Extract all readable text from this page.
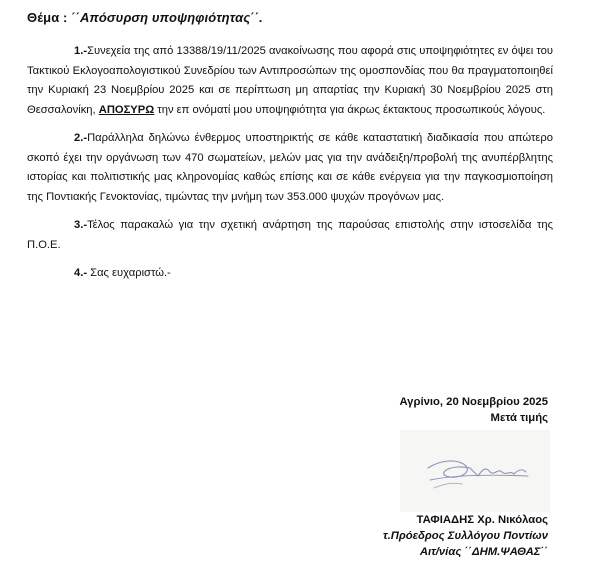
Θέμα : ΄΄Απόσυρση υποψηφιότητας΄΄.

1.-Συνεχεία της από 13388/19/11/2025 ανακοίνωσης που αφορά στις υποψηφιότητες εν όψει του Τακτικού Εκλογοαπολογιστικού Συνεδρίου των Αντιπροσώπων της ομοσπονδίας που θα πραγματοποιηθεί την Κυριακή 23 Νοεμβρίου 2025 και σε περίπτωση μη απαρτίας την Κυριακή 30 Νοεμβρίου 2025 στη Θεσσαλονίκη, ΑΠΟΣΥΡΩ την επ ονόματί μου υποψηφιότητα για άκρως έκτακτους προσωπικούς λόγους.

2.-Παράλληλα δηλώνω ένθερμος υποστηρικτής σε κάθε καταστατική διαδικασία που απώτερο σκοπό έχει την οργάνωση των 470 σωματείων, μελών μας για την ανάδειξη/προβολή της ανυπέρβλητης ιστορίας και πολιτιστικής μας κληρονομίας καθώς επίσης και σε κάθε ενέργεια για την παγκοσμιοποίηση της Ποντιακής Γενοκτονίας, τιμώντας την μνήμη των 353.000 ψυχών προγόνων μας.

3.-Τέλος παρακαλώ για την σχετική ανάρτηση της παρούσας επιστολής στην ιστοσελίδα της Π.Ο.Ε.

4.- Σας ευχαριστώ.-

Αγρίνιο, 20 Νοεμβρίου 2025
Μετά τιμής
ΤΑΦΙΑΔΗΣ Χρ. Νικόλαος
τ.Πρόεδρος Συλλόγου Ποντίων
Αιτ/νίας ΄΄ΔΗΜ.ΨΑΘΑΣ΄΄
